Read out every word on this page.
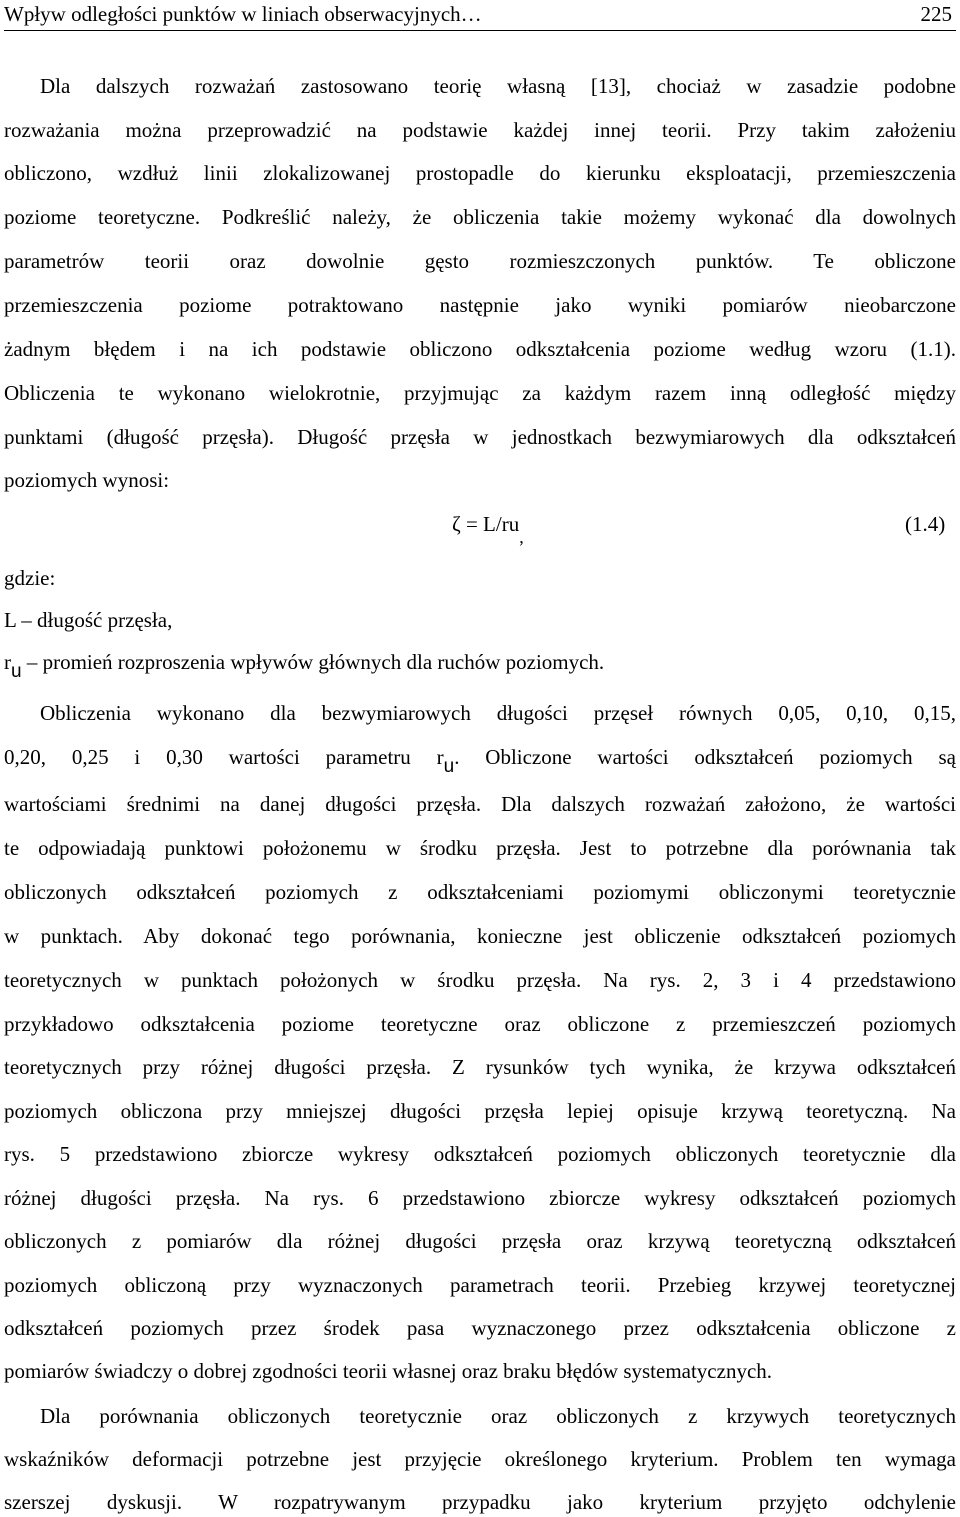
Wpływ odległości punktów w liniach obserwacyjnych…	225
Dla dalszych rozważań zastosowano teorię własną [13], chociaż w zasadzie podobne
rozważania można przeprowadzić na podstawie każdej innej teorii. Przy takim założeniu
obliczono, wzdłuż linii zlokalizowanej prostopadle do kierunku eksploatacji, przemieszczenia
poziome teoretyczne. Podkreślić należy, że obliczenia takie możemy wykonać dla dowolnych
parametrów teorii oraz dowolnie gęsto rozmieszczonych punktów. Te obliczone
przemieszczenia poziome potraktowano następnie jako wyniki pomiarów nieobarczone
żadnym błędem i na ich podstawie obliczono odkształcenia poziome według wzoru (1.1).
Obliczenia te wykonano wielokrotnie, przyjmując za każdym razem inną odległość między
punktami (długość przęsła). Długość przęsła w jednostkach bezwymiarowych dla odkształceń
poziomych wynosi:
ζ = L/ru,
(1.4)
gdzie:
L – długość przęsła,
ru – promień rozproszenia wpływów głównych dla ruchów poziomych.
Obliczenia wykonano dla bezwymiarowych długości przęseł równych 0,05, 0,10, 0,15,
0,20, 0,25 i 0,30 wartości parametru ru. Obliczone wartości odkształceń poziomych są
wartościami średnimi na danej długości przęsła. Dla dalszych rozważań założono, że wartości
te odpowiadają punktowi położonemu w środku przęsła. Jest to potrzebne dla porównania tak
obliczonych odkształceń poziomych z odkształceniami poziomymi obliczonymi teoretycznie
w punktach. Aby dokonać tego porównania, konieczne jest obliczenie odkształceń poziomych
teoretycznych w punktach położonych w środku przęsła. Na rys. 2, 3 i 4 przedstawiono
przykładowo odkształcenia poziome teoretyczne oraz obliczone z przemieszczeń poziomych
teoretycznych przy różnej długości przęsła. Z rysunków tych wynika, że krzywa odkształceń
poziomych obliczona przy mniejszej długości przęsła lepiej opisuje krzywą teoretyczną. Na
rys. 5 przedstawiono zbiorcze wykresy odkształceń poziomych obliczonych teoretycznie dla
różnej długości przęsła. Na rys. 6 przedstawiono zbiorcze wykresy odkształceń poziomych
obliczonych z pomiarów dla różnej długości przęsła oraz krzywą teoretyczną odkształceń
poziomych obliczoną przy wyznaczonych parametrach teorii. Przebieg krzywej teoretycznej
odkształceń poziomych przez środek pasa wyznaczonego przez odkształcenia obliczone z
pomiarów świadczy o dobrej zgodności teorii własnej oraz braku błędów systematycznych.
Dla porównania obliczonych teoretycznie oraz obliczonych z krzywych teoretycznych
wskaźników deformacji potrzebne jest przyjęcie określonego kryterium. Problem ten wymaga
szerszej dyskusji. W rozpatrywanym przypadku jako kryterium przyjęto odchylenie
